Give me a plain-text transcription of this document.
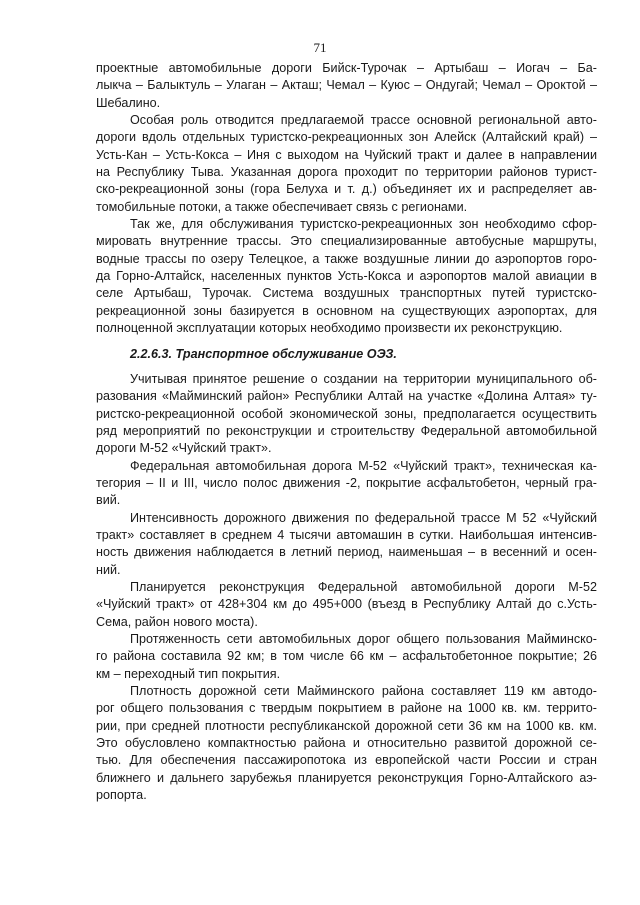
71
проектные автомобильные дороги Бийск-Турочак – Артыбаш – Иогач – Ба-
лыкча – Балыктуль – Улаган – Акташ; Чемал – Куюс – Ондугай; Чемал – Ороктой –
Шебалино.
Особая роль отводится предлагаемой трассе основной региональной авто-
дороги вдоль отдельных туристско-рекреационных зон Алейск (Алтайский край) –
Усть-Кан – Усть-Кокса – Иня с выходом на Чуйский тракт и далее в направлении
на Республику Тыва. Указанная дорога проходит по территории районов турист-
ско-рекреационной зоны (гора Белуха и т. д.) объединяет их и распределяет ав-
томобильные потоки, а также обеспечивает связь с регионами.
Так же, для обслуживания туристско-рекреационных зон необходимо сфор-
мировать внутренние трассы. Это специализированные автобусные маршруты,
водные трассы по озеру Телецкое, а также воздушные линии до аэропортов горо-
да Горно-Алтайск, населенных пунктов Усть-Кокса и аэропортов малой авиации в
селе Артыбаш, Турочак. Система воздушных транспортных путей туристско-
рекреационной зоны базируется в основном на существующих аэропортах, для
полноценной эксплуатации которых необходимо произвести их реконструкцию.
2.2.6.3. Транспортное обслуживание ОЭЗ.
Учитывая принятое решение о создании на территории муниципального об-
разования «Майминский район» Республики Алтай на участке «Долина Алтая» ту-
ристско-рекреационной особой экономической зоны, предполагается осуществить
ряд мероприятий по реконструкции и строительству Федеральной автомобильной
дороги М-52 «Чуйский тракт».
Федеральная автомобильная дорога М-52 «Чуйский тракт», техническая ка-
тегория – II и III, число полос движения -2, покрытие асфальтобетон, черный гра-
вий.
Интенсивность дорожного движения по федеральной трассе М 52 «Чуйский
тракт» составляет в среднем 4 тысячи автомашин в сутки. Наибольшая интенсив-
ность движения наблюдается в летний период, наименьшая – в весенний и осен-
ний.
Планируется реконструкция Федеральной автомобильной дороги М-52
«Чуйский тракт» от 428+304 км до 495+000 (въезд в Республику Алтай до с.Усть-
Сема, район нового моста).
Протяженность сети автомобильных дорог общего пользования Майминско-
го района составила 92 км; в том числе 66 км – асфальтобетонное покрытие; 26
км – переходный тип покрытия.
Плотность дорожной сети Майминского района составляет 119 км автодо-
рог общего пользования с твердым покрытием в районе на 1000 кв. км. террито-
рии, при средней плотности республиканской дорожной сети 36 км на 1000 кв. км.
Это обусловлено компактностью района и относительно развитой дорожной се-
тью. Для обеспечения пассажиропотока из европейской части России и стран
ближнего и дальнего зарубежья планируется реконструкция Горно-Алтайского аэ-
ропорта.
